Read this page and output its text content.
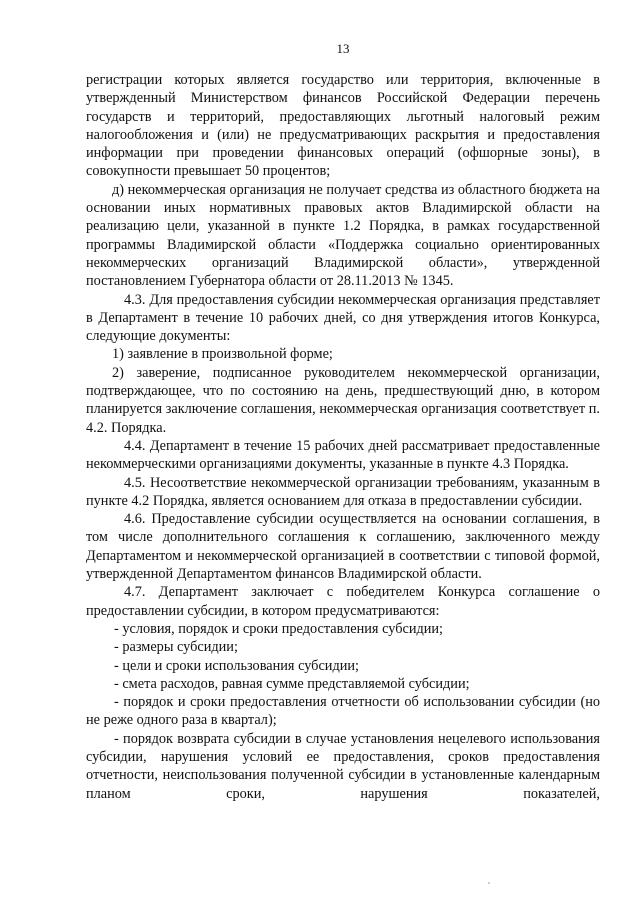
13

регистрации которых является государство или территория, включенные в утвержденный Министерством финансов Российской Федерации перечень государств и территорий, предоставляющих льготный налоговый режим налогообложения и (или) не предусматривающих раскрытия и предоставления информации при проведении финансовых операций (офшорные зоны), в совокупности превышает 50 процентов;

д) некоммерческая организация не получает средства из областного бюджета на основании иных нормативных правовых актов Владимирской области на реализацию цели, указанной в пункте 1.2 Порядка, в рамках государственной программы Владимирской области «Поддержка социально ориентированных некоммерческих организаций Владимирской области», утвержденной постановлением Губернатора области от 28.11.2013 № 1345.

4.3. Для предоставления субсидии некоммерческая организация представляет в Департамент в течение 10 рабочих дней, со дня утверждения итогов Конкурса, следующие документы:

1) заявление в произвольной форме;

2) заверение, подписанное руководителем некоммерческой организации, подтверждающее, что по состоянию на день, предшествующий дню, в котором планируется заключение соглашения, некоммерческая организация соответствует п. 4.2. Порядка.

4.4. Департамент в течение 15 рабочих дней рассматривает предоставленные некоммерческими организациями документы, указанные в пункте 4.3 Порядка.

4.5. Несоответствие некоммерческой организации требованиям, указанным в пункте 4.2 Порядка, является основанием для отказа в предоставлении субсидии.

4.6. Предоставление субсидии осуществляется на основании соглашения, в том числе дополнительного соглашения к соглашению, заключенного между Департаментом и некоммерческой организацией в соответствии с типовой формой, утвержденной Департаментом финансов Владимирской области.

4.7. Департамент заключает с победителем Конкурса соглашение о предоставлении субсидии, в котором предусматриваются:

- условия, порядок и сроки предоставления субсидии;

- размеры субсидии;

- цели и сроки использования субсидии;

- смета расходов, равная сумме представляемой субсидии;

- порядок и сроки предоставления отчетности об использовании субсидии (но не реже одного раза в квартал);

- порядок возврата субсидии в случае установления нецелевого использования субсидии, нарушения условий ее предоставления, сроков предоставления отчетности, неиспользования полученной субсидии в установленные календарным планом сроки, нарушения показателей,
